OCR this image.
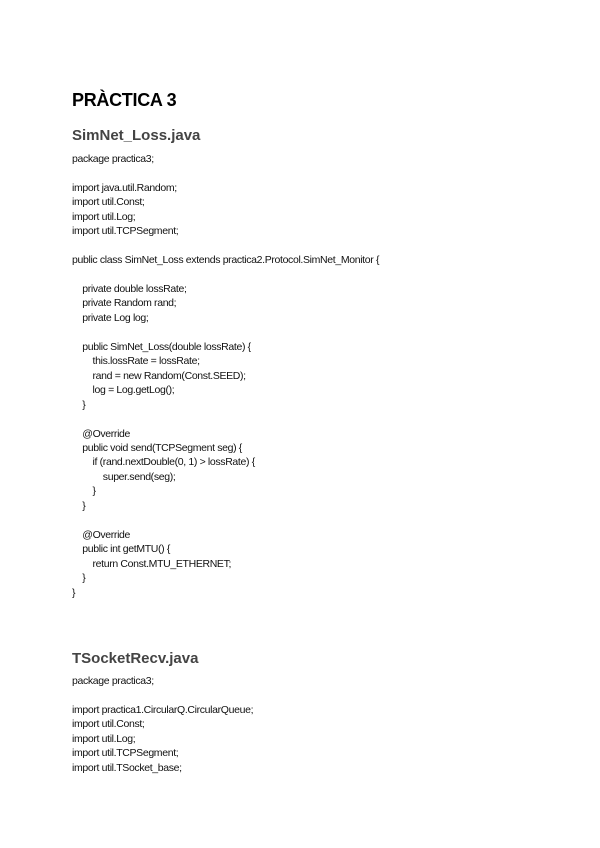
PRÀCTICA 3
SimNet_Loss.java
package practica3;
import java.util.Random;
import util.Const;
import util.Log;
import util.TCPSegment;
public class SimNet_Loss extends practica2.Protocol.SimNet_Monitor {
private double lossRate;
private Random rand;
private Log log;
public SimNet_Loss(double lossRate) {
this.lossRate = lossRate;
rand = new Random(Const.SEED);
log = Log.getLog();
}
@Override
public void send(TCPSegment seg) {
if (rand.nextDouble(0, 1) > lossRate) {
super.send(seg);
}
}
@Override
public int getMTU() {
return Const.MTU_ETHERNET;
}
}
TSocketRecv.java
package practica3;
import practica1.CircularQ.CircularQueue;
import util.Const;
import util.Log;
import util.TCPSegment;
import util.TSocket_base;
